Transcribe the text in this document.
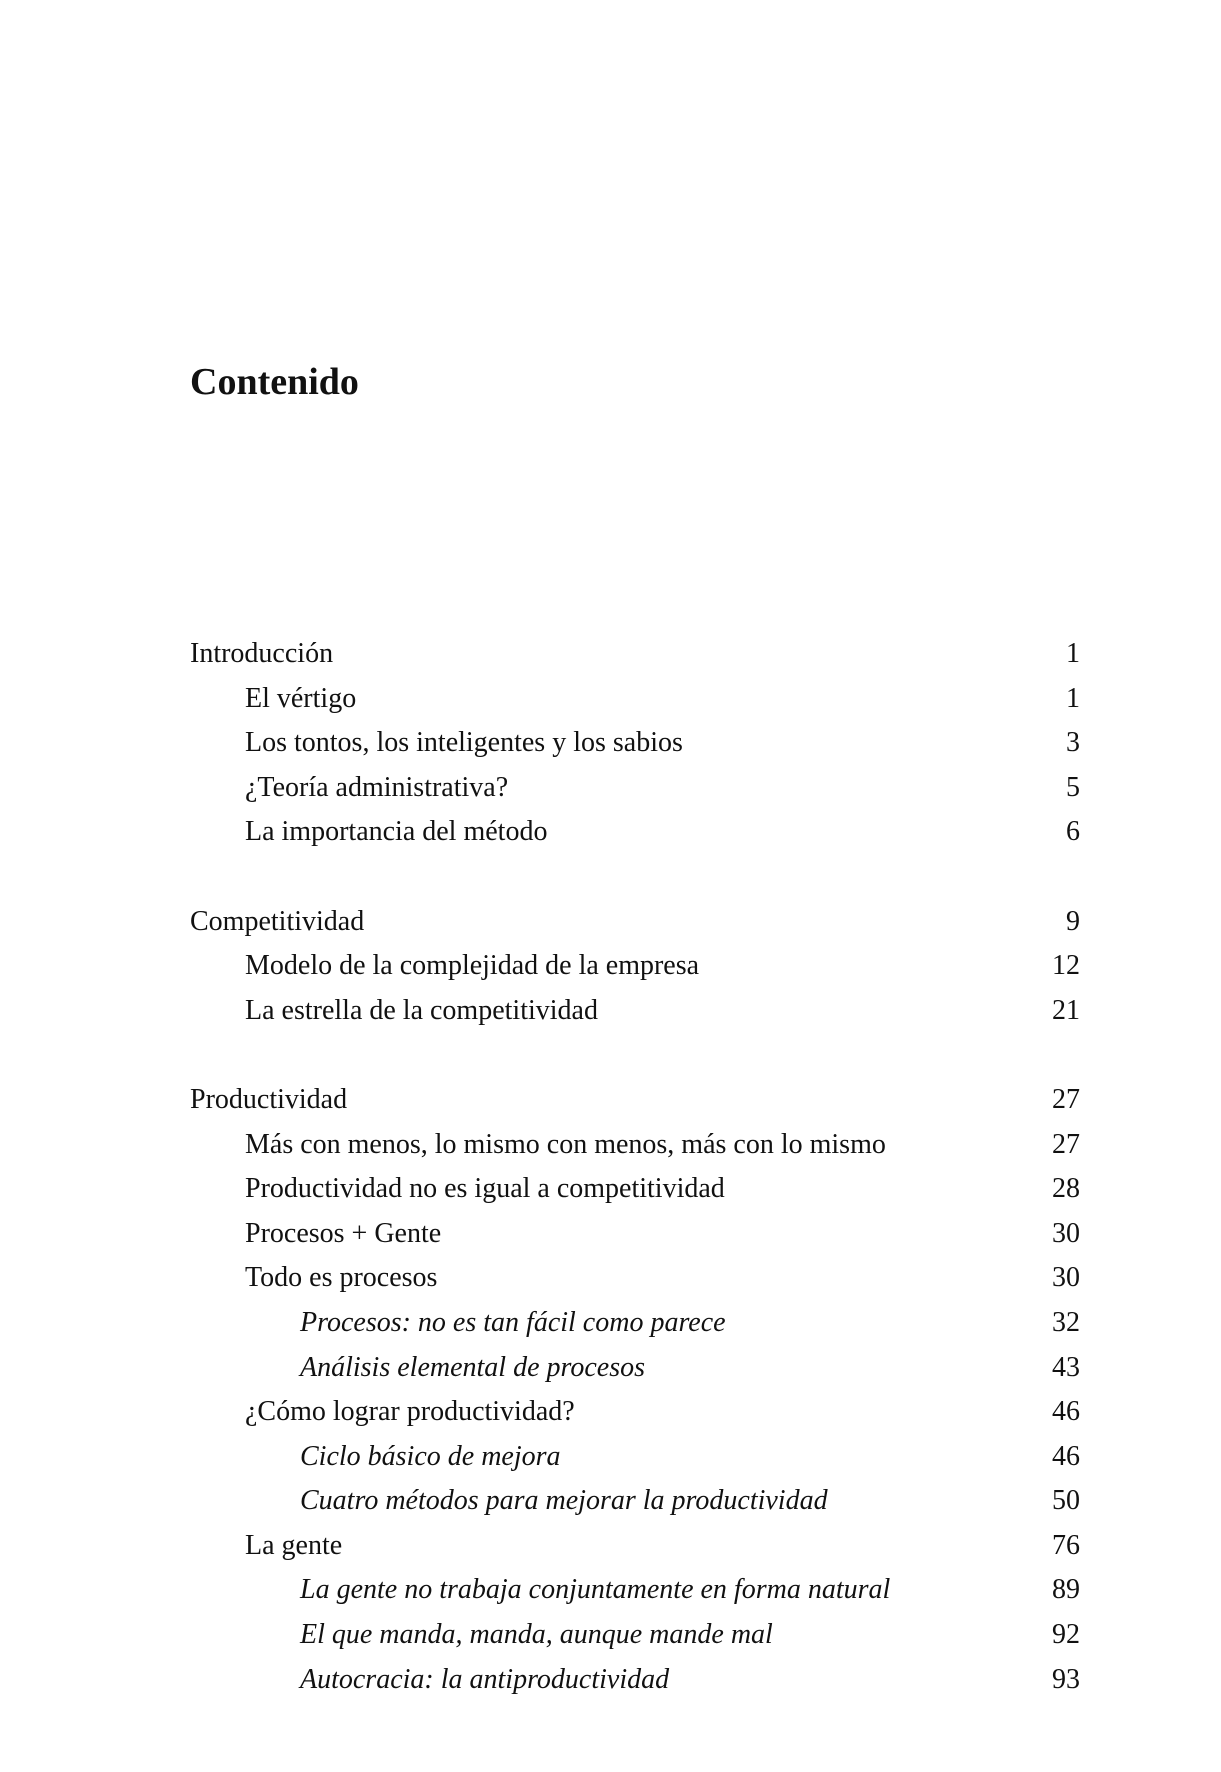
Contenido
Introducción	1
El vértigo	1
Los tontos, los inteligentes y los sabios	3
¿Teoría administrativa?	5
La importancia del método	6
Competitividad	9
Modelo de la complejidad de la empresa	12
La estrella de la competitividad	21
Productividad	27
Más con menos, lo mismo con menos, más con lo mismo	27
Productividad no es igual a competitividad	28
Procesos + Gente	30
Todo es procesos	30
Procesos: no es tan fácil como parece	32
Análisis elemental de procesos	43
¿Cómo lograr productividad?	46
Ciclo básico de mejora	46
Cuatro métodos para mejorar la productividad	50
La gente	76
La gente no trabaja conjuntamente en forma natural	89
El que manda, manda, aunque mande mal	92
Autocracia: la antiproductividad	93
